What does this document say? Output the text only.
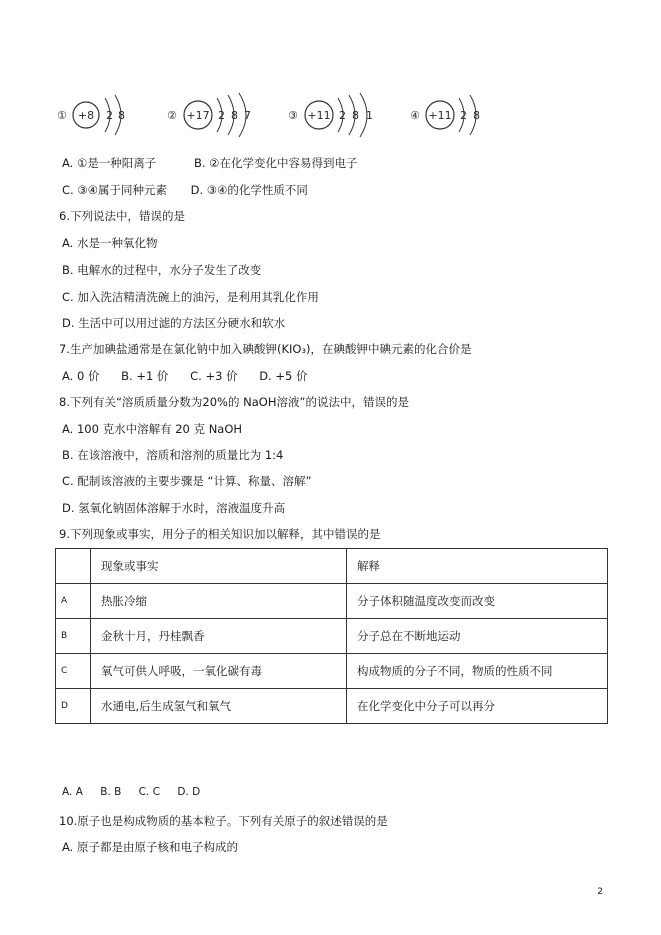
① +8 2 8	② +17 2 8 7	③ +11 2 8 1	④ +11 2 8
A. ①是一种阳离子	B. ②在化学变化中容易得到电子
C. ③④属于同种元素 D. ③④的化学性质不同
6.下列说法中，错误的是
A. 水是一种氧化物
B. 电解水的过程中，水分子发生了改变
C. 加入洗洁精清洗碗上的油污，是利用其乳化作用
D. 生活中可以用过滤的方法区分硬水和软水
7.生产加碘盐通常是在氯化钠中加入碘酸钾(KIO₃)，在碘酸钾中碘元素的化合价是
A. 0 价 B. +1 价 C. +3 价 D. +5 价
8.下列有关“溶质质量分数为20%的 NaOH溶液”的说法中，错误的是
A. 100 克水中溶解有 20 克 NaOH
B. 在该溶液中，溶质和溶剂的质量比为 1:4
C. 配制该溶液的主要步骤是 “计算、称量、溶解”
D. 氢氧化钠固体溶解于水时，溶液温度升高
9.下列现象或事实，用分子的相关知识加以解释，其中错误的是
	现象或事实	解释
A	热胀冷缩	分子体积随温度改变而改变
B	金秋十月，丹桂飘香	分子总在不断地运动
C	氧气可供人呼吸，一氧化碳有毒	构成物质的分子不同，物质的性质不同
D	水通电,后生成氢气和氧气	在化学变化中分子可以再分
A. A B. B C. C D. D
10.原子也是构成物质的基本粒子。下列有关原子的叙述错误的是
A. 原子都是由原子核和电子构成的
2
